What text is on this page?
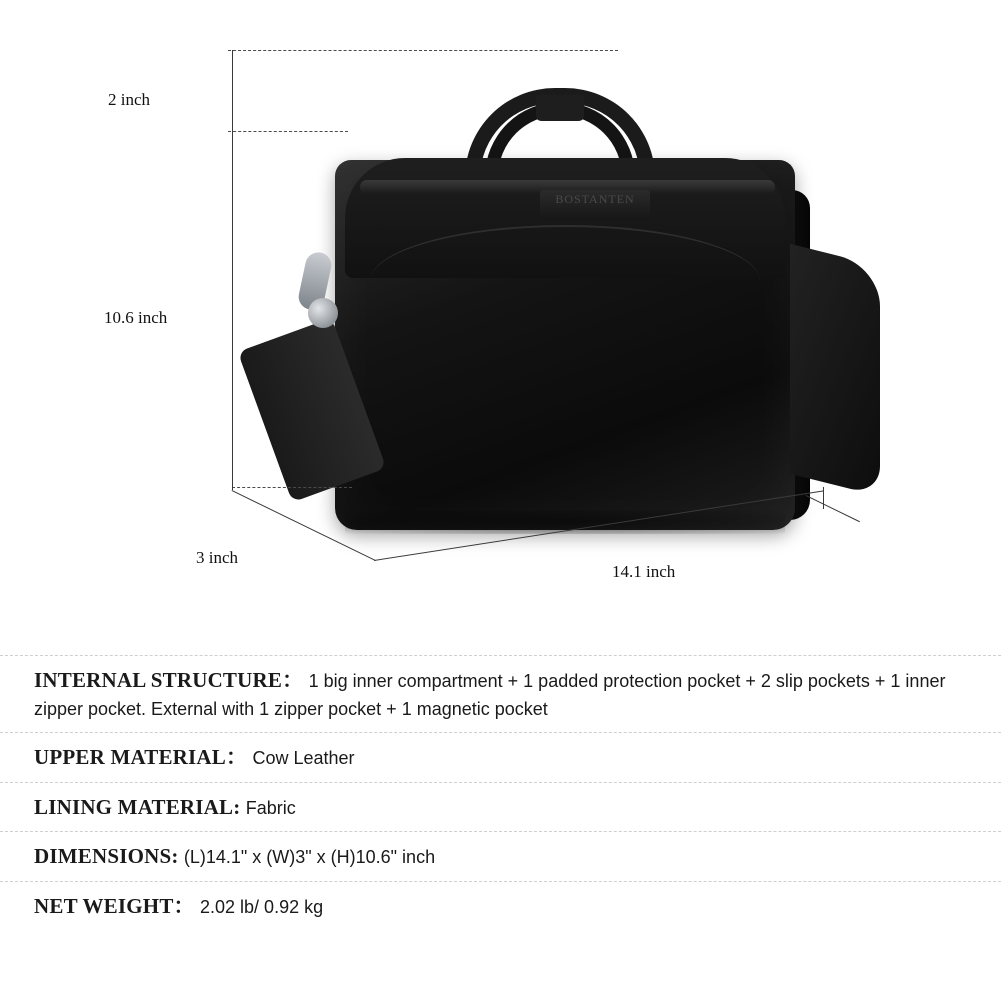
BOSTANTEN
2 inch
10.6 inch
3 inch
14.1 inch
INTERNAL STRUCTURE： 1 big inner compartment + 1 padded protection pocket + 2 slip pockets + 1 inner zipper pocket. External with 1 zipper pocket + 1 magnetic pocket
UPPER MATERIAL： Cow Leather
LINING MATERIAL: Fabric
DIMENSIONS: (L)14.1" x (W)3" x (H)10.6" inch
NET WEIGHT： 2.02 lb/ 0.92 kg
